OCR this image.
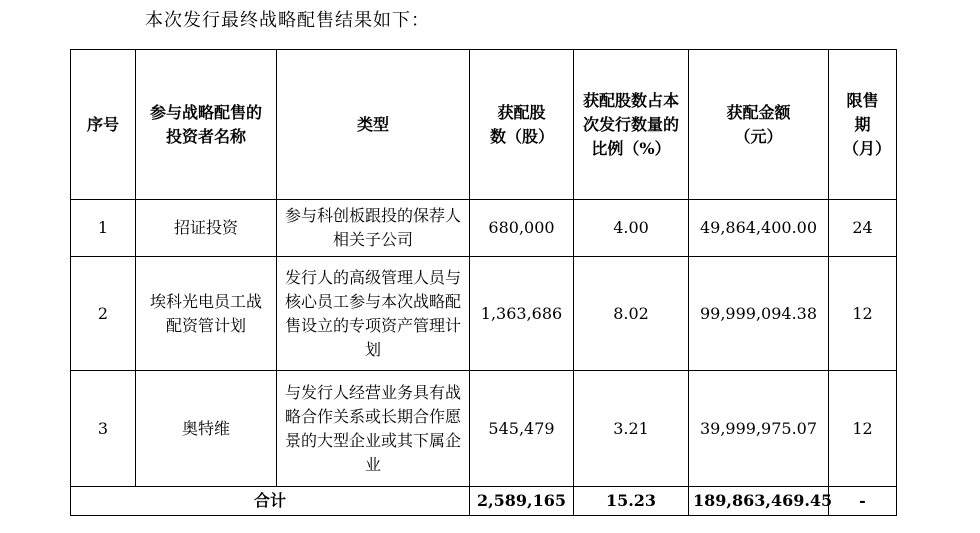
本次发行最终战略配售结果如下：
序号	参与战略配售的投资者名称	类型	获配股数（股）	获配股数占本次发行数量的比例（%）	获配金额（元）	限售期（月）
1	招证投资	参与科创板跟投的保荐人相关子公司	680,000	4.00	49,864,400.00	24
2	埃科光电员工战配资管计划	发行人的高级管理人员与核心员工参与本次战略配售设立的专项资产管理计划	1,363,686	8.02	99,999,094.38	12
3	奥特维	与发行人经营业务具有战略合作关系或长期合作愿景的大型企业或其下属企业	545,479	3.21	39,999,975.07	12
合计			2,589,165	15.23	189,863,469.45	-
